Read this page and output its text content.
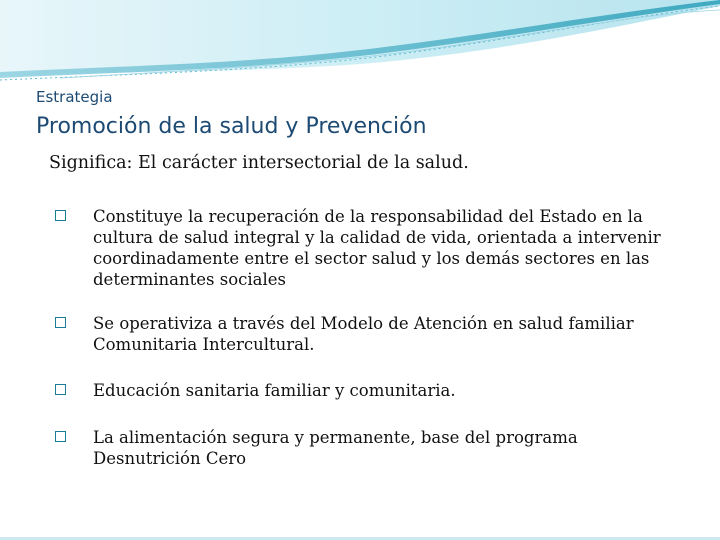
Estrategia
Promoción de la salud y Prevención
Significa: El carácter intersectorial de la salud.
Constituye la recuperación de la responsabilidad del Estado en la cultura de salud integral y la calidad de vida, orientada a intervenir coordinadamente entre el sector salud y los demás sectores en las determinantes sociales
Se operativiza a través del Modelo de Atención en salud familiar Comunitaria Intercultural.
Educación sanitaria familiar y comunitaria.
La alimentación segura y permanente, base del programa Desnutrición Cero
